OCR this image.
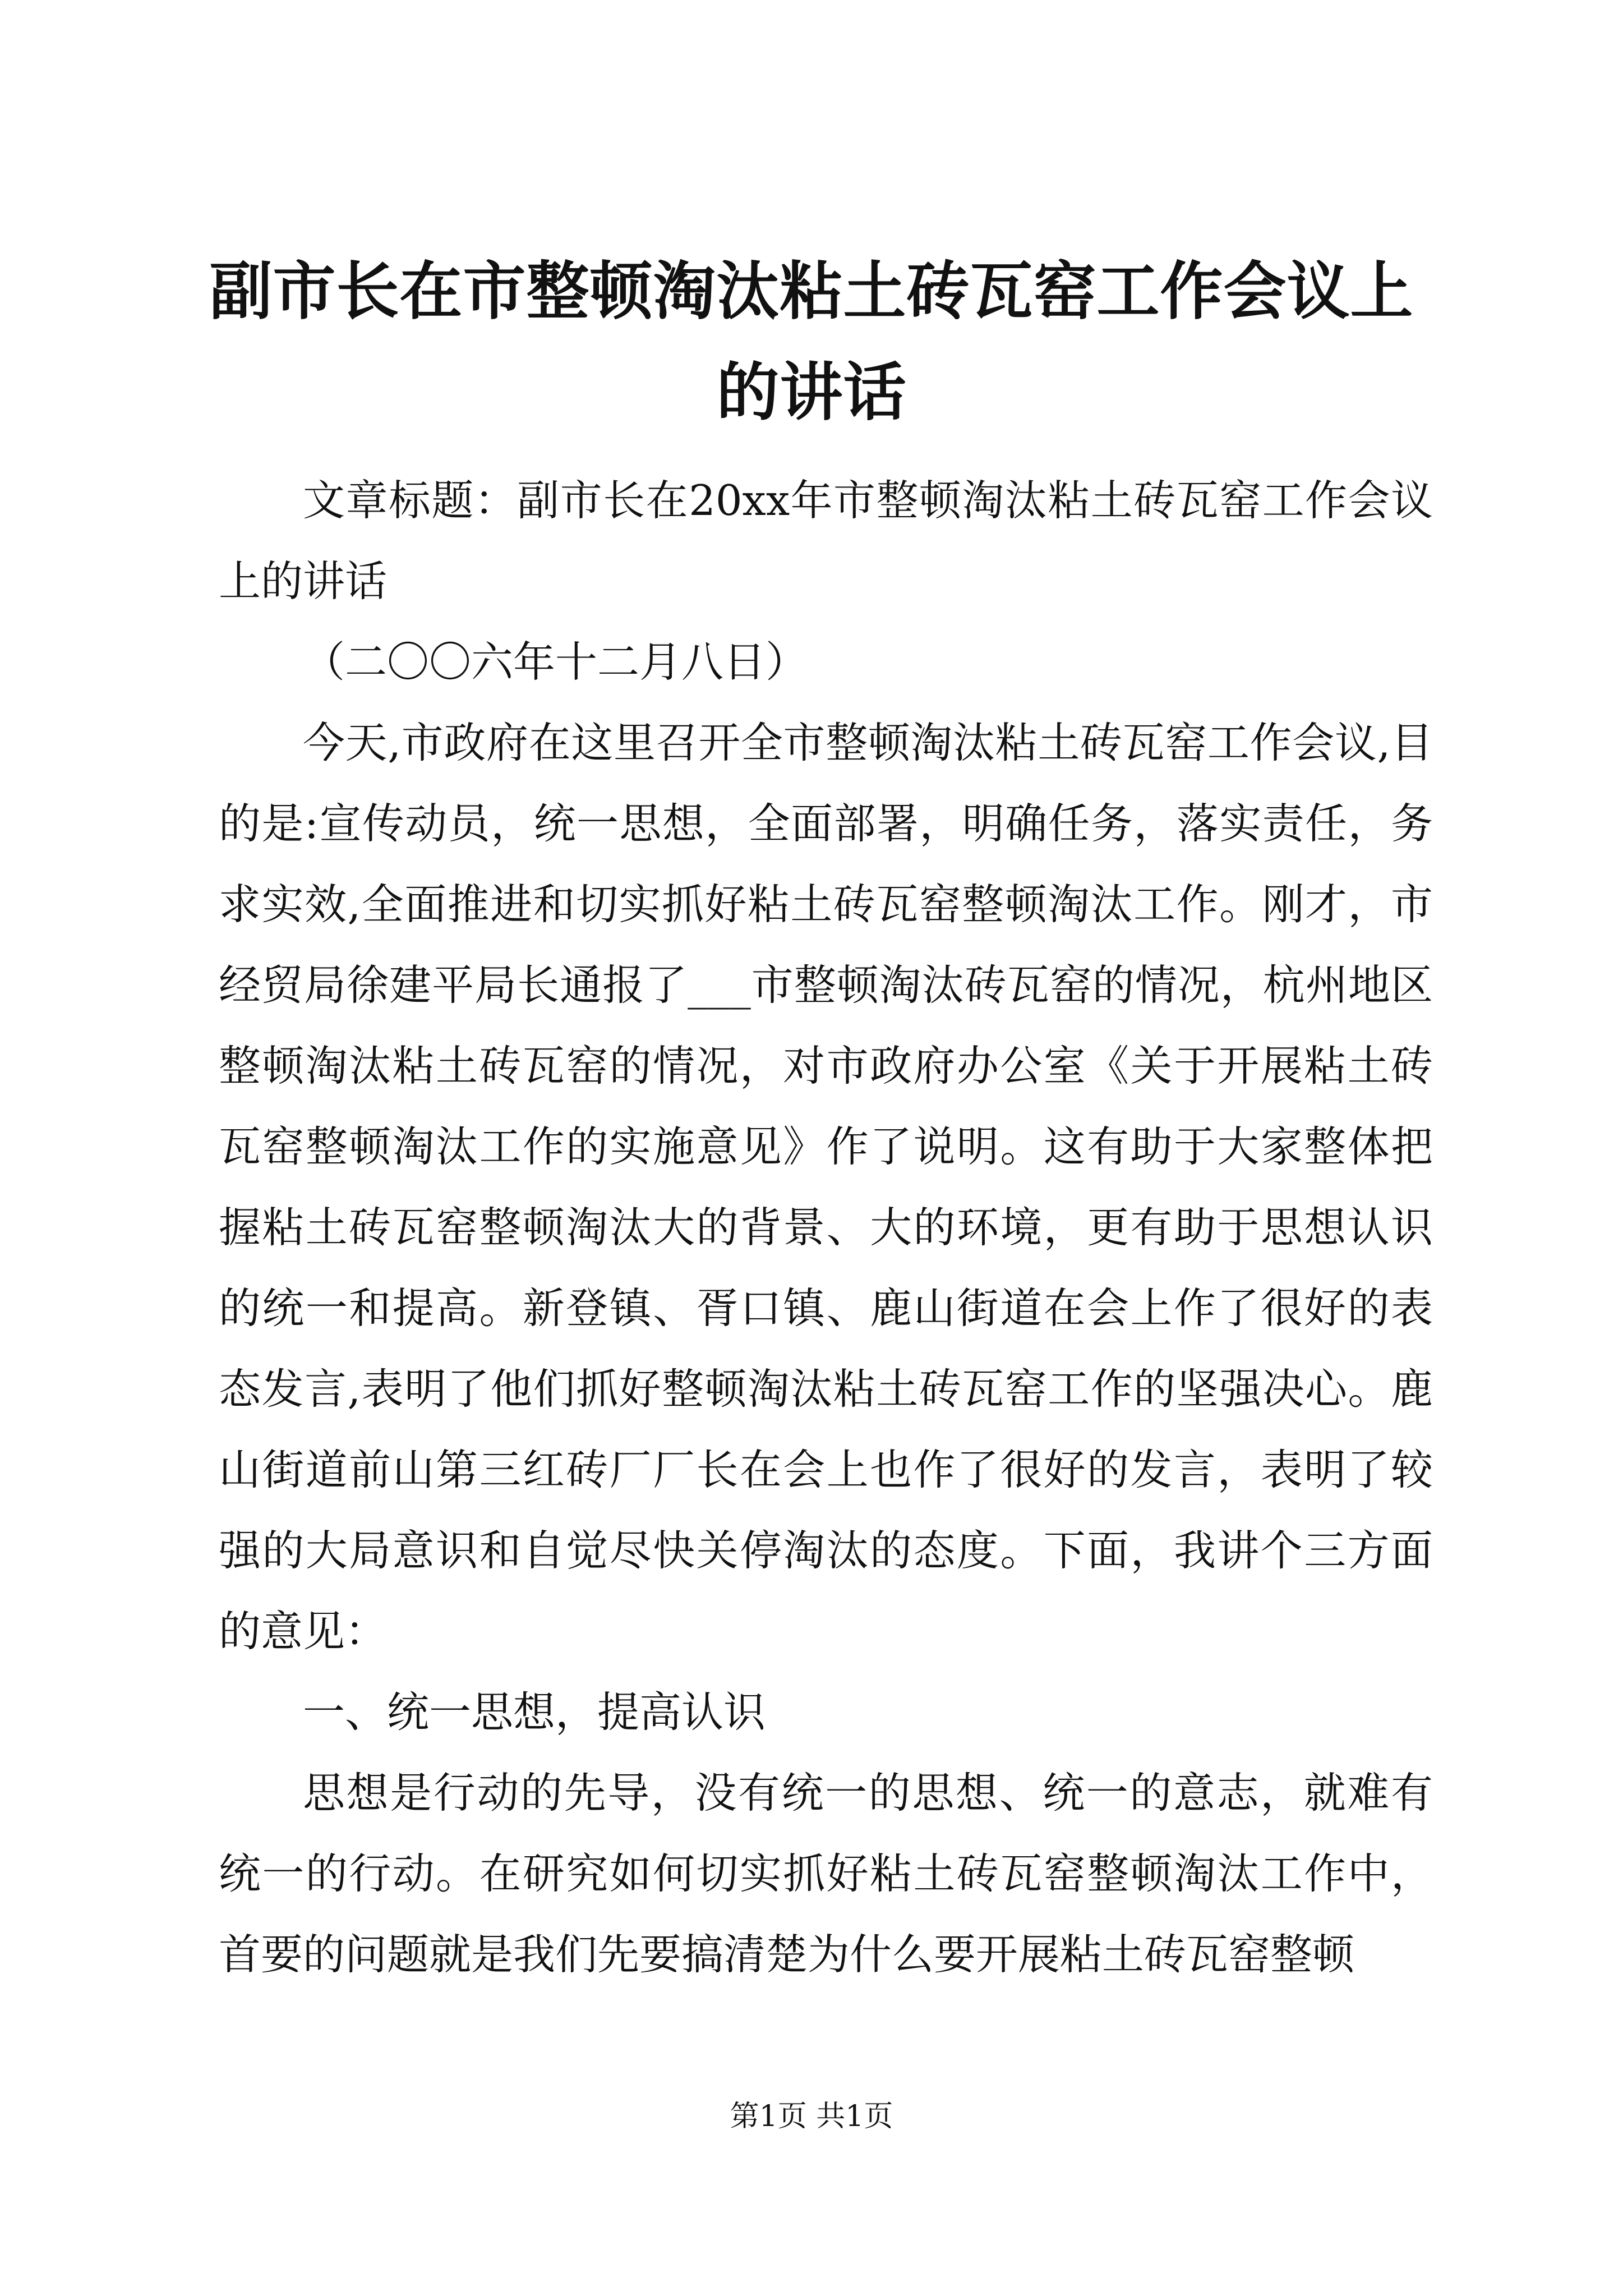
副市长在市整顿淘汰粘土砖瓦窑工作会议上的讲话

文章标题：副市长在20xx年市整顿淘汰粘土砖瓦窑工作会议上的讲话

（二〇〇六年十二月八日）

今天,市政府在这里召开全市整顿淘汰粘土砖瓦窑工作会议,目的是:宣传动员，统一思想，全面部署，明确任务，落实责任，务求实效,全面推进和切实抓好粘土砖瓦窑整顿淘汰工作。刚才，市经贸局徐建平局长通报了___市整顿淘汰砖瓦窑的情况，杭州地区整顿淘汰粘土砖瓦窑的情况，对市政府办公室《关于开展粘土砖瓦窑整顿淘汰工作的实施意见》作了说明。这有助于大家整体把握粘土砖瓦窑整顿淘汰大的背景、大的环境，更有助于思想认识的统一和提高。新登镇、胥口镇、鹿山街道在会上作了很好的表态发言,表明了他们抓好整顿淘汰粘土砖瓦窑工作的坚强决心。鹿山街道前山第三红砖厂厂长在会上也作了很好的发言，表明了较强的大局意识和自觉尽快关停淘汰的态度。下面，我讲个三方面的意见：

一、统一思想，提高认识

思想是行动的先导，没有统一的思想、统一的意志，就难有统一的行动。在研究如何切实抓好粘土砖瓦窑整顿淘汰工作中，首要的问题就是我们先要搞清楚为什么要开展粘土砖瓦窑整顿

第1页 共1页
